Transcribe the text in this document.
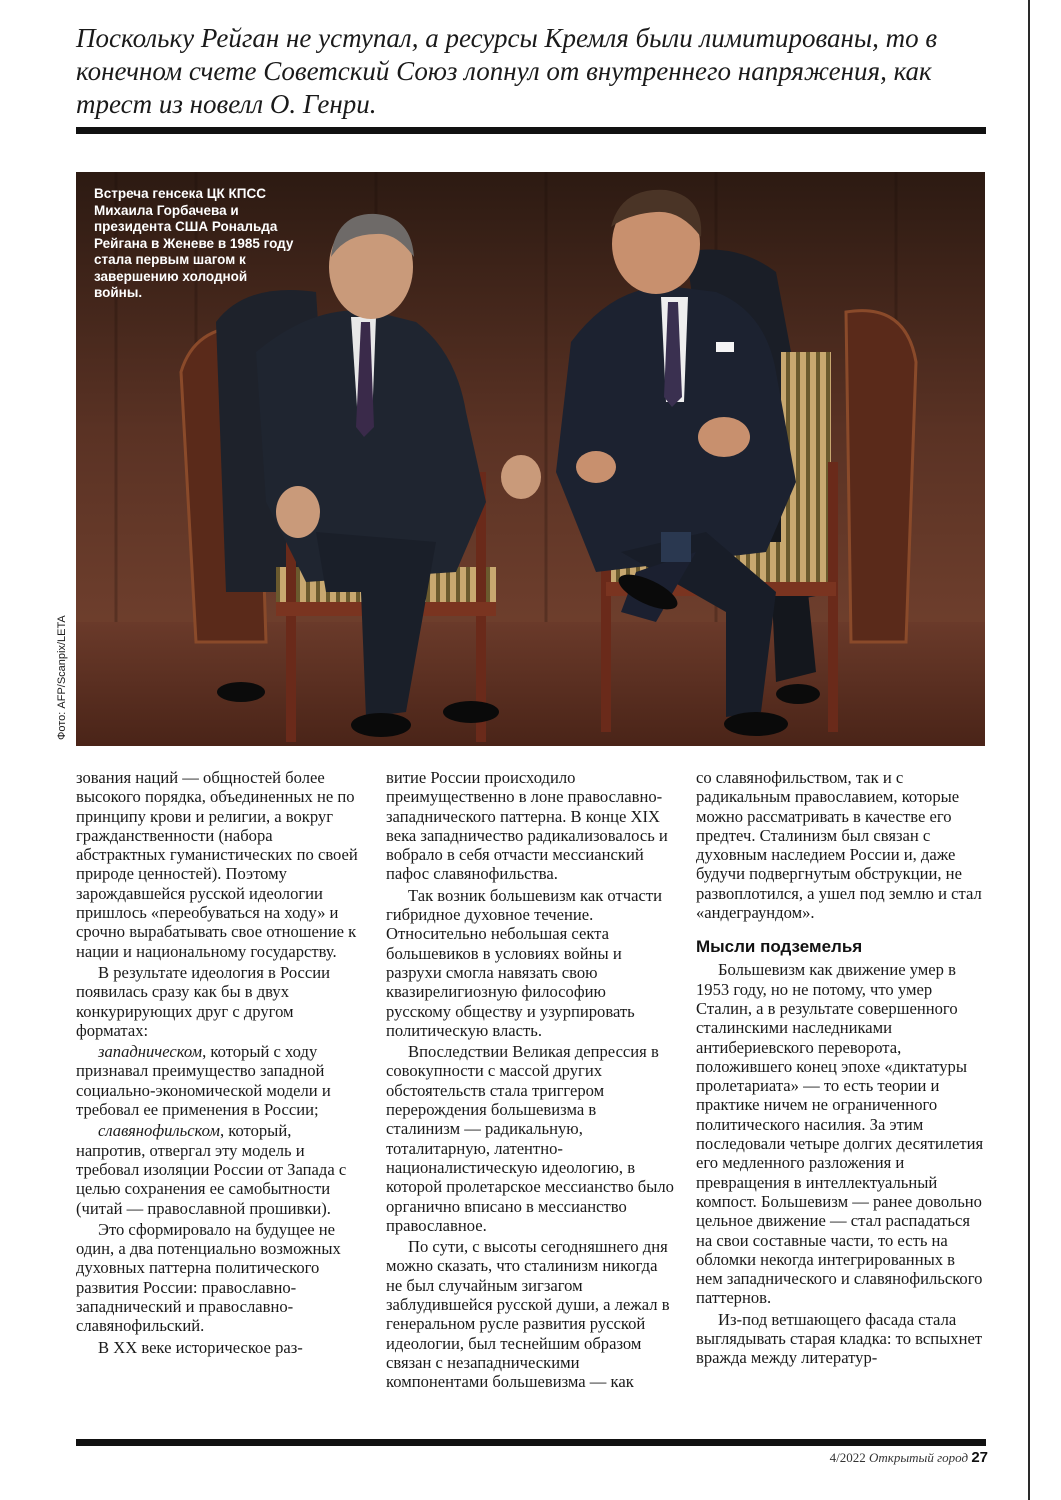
Поскольку Рейган не уступал, а ресурсы Кремля были лимитированы, то в конечном счете Советский Союз лопнул от внутреннего напряжения, как трест из новелл О. Генри.
Встреча генсека ЦК КПСС Михаила Горбачева и президента США Рональда Рейгана в Женеве в 1985 году стала первым шагом к завершению холодной войны.
Фото: AFP/Scanpix/LETA

зования наций — общностей более высокого порядка, объединенных не по принципу крови и религии, а вокруг гражданственности (набора абстрактных гуманистических по своей природе ценностей). Поэтому зарождавшейся русской идеологии пришлось «переобуваться на ходу» и срочно вырабатывать свое отношение к нации и национальному государству.

В результате идеология в России появилась сразу как бы в двух конкурирующих друг с другом форматах:

западническом, который с ходу признавал преимущество западной социально-экономической модели и требовал ее применения в России;

славянофильском, который, напротив, отвергал эту модель и требовал изоляции России от Запада с целью сохранения ее самобытности (читай — православной прошивки).

Это сформировало на будущее не один, а два потенциально возможных духовных паттерна политического развития России: православно-западнический и православно-славянофильский.

В XX веке историческое раз-

витие России происходило преимущественно в лоне православно-западнического паттерна. В конце XIX века западничество радикализовалось и вобрало в себя отчасти мессианский пафос славянофильства.

Так возник большевизм как отчасти гибридное духовное течение. Относительно небольшая секта большевиков в условиях войны и разрухи смогла навязать свою квазирелигиозную философию русскому обществу и узурпировать политическую власть.

Впоследствии Великая депрессия в совокупности с массой других обстоятельств стала триггером перерождения большевизма в сталинизм — радикальную, тоталитарную, латентно-националистическую идеологию, в которой пролетарское мессианство было органично вписано в мессианство православное.

По сути, с высоты сегодняшнего дня можно сказать, что сталинизм никогда не был случайным зигзагом заблудившейся русской души, а лежал в генеральном русле развития русской идеологии, был теснейшим образом связан с незападническими компонентами большевизма — как

со славянофильством, так и с радикальным православием, которые можно рассматривать в качестве его предтеч. Сталинизм был связан с духовным наследием России и, даже будучи подвергнутым обструкции, не развоплотился, а ушел под землю и стал «андеграундом».

Мысли подземелья

Большевизм как движение умер в 1953 году, но не потому, что умер Сталин, а в результате совершенного сталинскими наследниками антибериевского переворота, положившего конец эпохе «диктатуры пролетариата» — то есть теории и практике ничем не ограниченного политического насилия. За этим последовали четыре долгих десятилетия его медленного разложения и превращения в интеллектуальный компост. Большевизм — ранее довольно цельное движение — стал распадаться на свои составные части, то есть на обломки некогда интегрированных в нем западнического и славянофильского паттернов.

Из-под ветшающего фасада стала выглядывать старая кладка: то вспыхнет вражда между литератур-

4/2022 Открытый город 27
